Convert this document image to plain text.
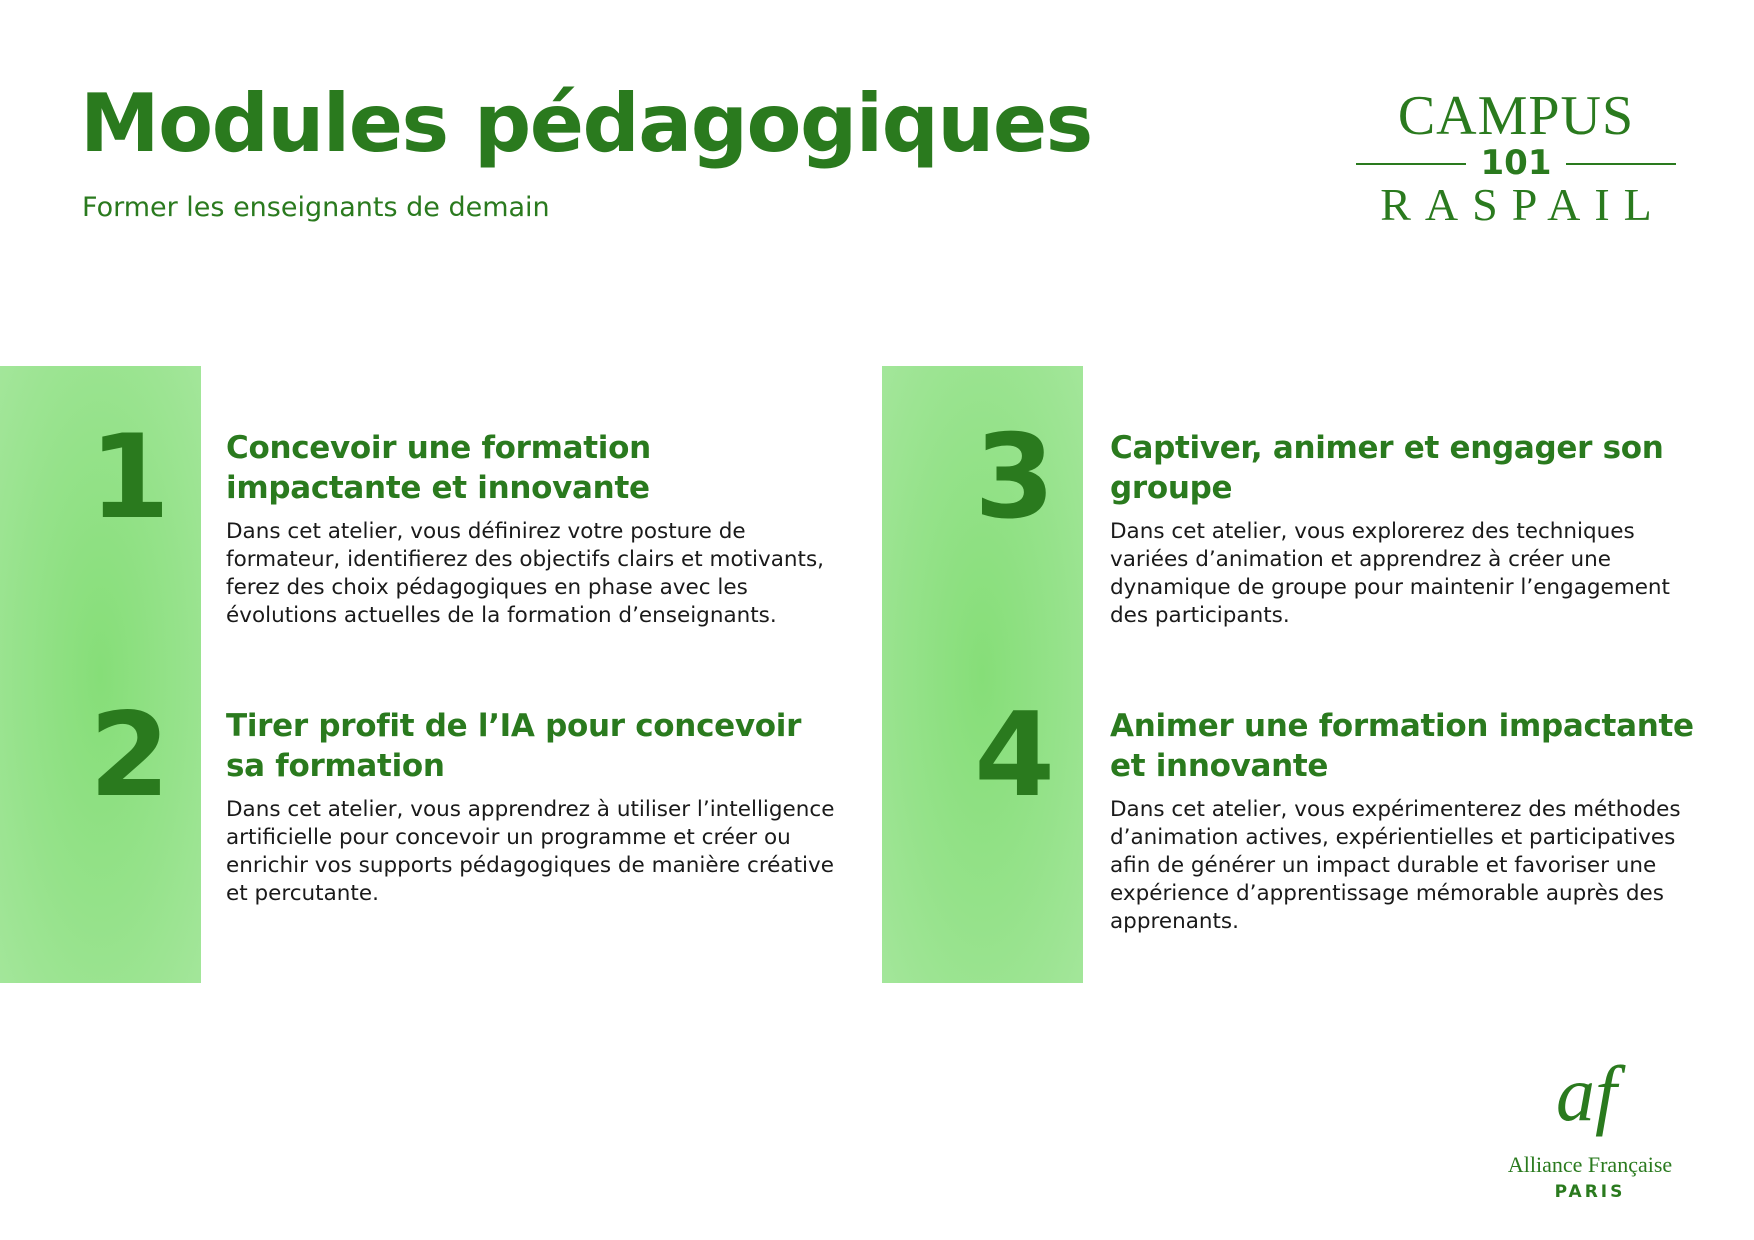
Modules pédagogiques
Former les enseignants de demain
CAMPUS
101
RASPAIL
1 Concevoir une formation impactante et innovante

Dans cet atelier, vous définirez votre posture de formateur, identifierez des objectifs clairs et motivants, ferez des choix pédagogiques en phase avec les évolutions actuelles de la formation d’enseignants.

2 Tirer profit de l’IA pour concevoir sa formation

Dans cet atelier, vous apprendrez à utiliser l’intelligence artificielle pour concevoir un programme et créer ou enrichir vos supports pédagogiques de manière créative et percutante.

3 Captiver, animer et engager son groupe

Dans cet atelier, vous explorerez des techniques variées d’animation et apprendrez à créer une dynamique de groupe pour maintenir l’engagement des participants.

4 Animer une formation impactante et innovante

Dans cet atelier, vous expérimenterez des méthodes d’animation actives, expérientielles et participatives afin de générer un impact durable et favoriser une expérience d’apprentissage mémorable auprès des apprenants.

af
Alliance Française
PARIS
